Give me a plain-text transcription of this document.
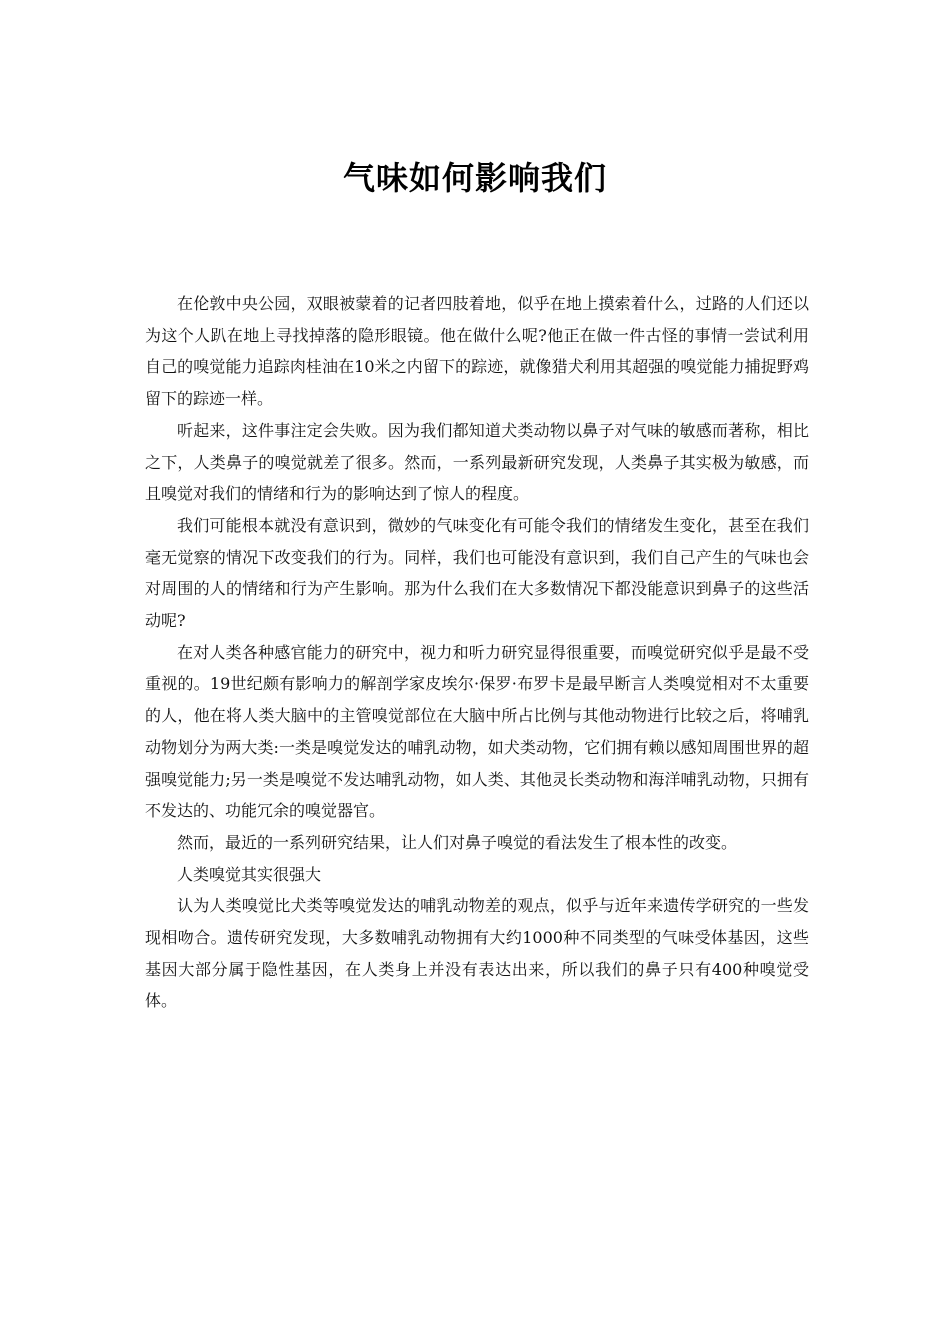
气味如何影响我们

在伦敦中央公园，双眼被蒙着的记者四肢着地，似乎在地上摸索着什么，过路的人们还以为这个人趴在地上寻找掉落的隐形眼镜。他在做什么呢?他正在做一件古怪的事情一尝试利用自己的嗅觉能力追踪肉桂油在10米之内留下的踪迹，就像猎犬利用其超强的嗅觉能力捕捉野鸡留下的踪迹一样。

听起来，这件事注定会失败。因为我们都知道犬类动物以鼻子对气味的敏感而著称，相比之下，人类鼻子的嗅觉就差了很多。然而，一系列最新研究发现，人类鼻子其实极为敏感，而且嗅觉对我们的情绪和行为的影响达到了惊人的程度。

我们可能根本就没有意识到，微妙的气味变化有可能令我们的情绪发生变化，甚至在我们毫无觉察的情况下改变我们的行为。同样，我们也可能没有意识到，我们自己产生的气味也会对周围的人的情绪和行为产生影响。那为什么我们在大多数情况下都没能意识到鼻子的这些活动呢?

在对人类各种感官能力的研究中，视力和听力研究显得很重要，而嗅觉研究似乎是最不受重视的。19世纪颇有影响力的解剖学家皮埃尔·保罗·布罗卡是最早断言人类嗅觉相对不太重要的人，他在将人类大脑中的主管嗅觉部位在大脑中所占比例与其他动物进行比较之后，将哺乳动物划分为两大类:一类是嗅觉发达的哺乳动物，如犬类动物，它们拥有赖以感知周围世界的超强嗅觉能力;另一类是嗅觉不发达哺乳动物，如人类、其他灵长类动物和海洋哺乳动物，只拥有不发达的、功能冗余的嗅觉器官。

然而，最近的一系列研究结果，让人们对鼻子嗅觉的看法发生了根本性的改变。

人类嗅觉其实很强大

认为人类嗅觉比犬类等嗅觉发达的哺乳动物差的观点，似乎与近年来遗传学研究的一些发现相吻合。遗传研究发现，大多数哺乳动物拥有大约1000种不同类型的气味受体基因，这些基因大部分属于隐性基因，在人类身上并没有表达出来，所以我们的鼻子只有400种嗅觉受体。
